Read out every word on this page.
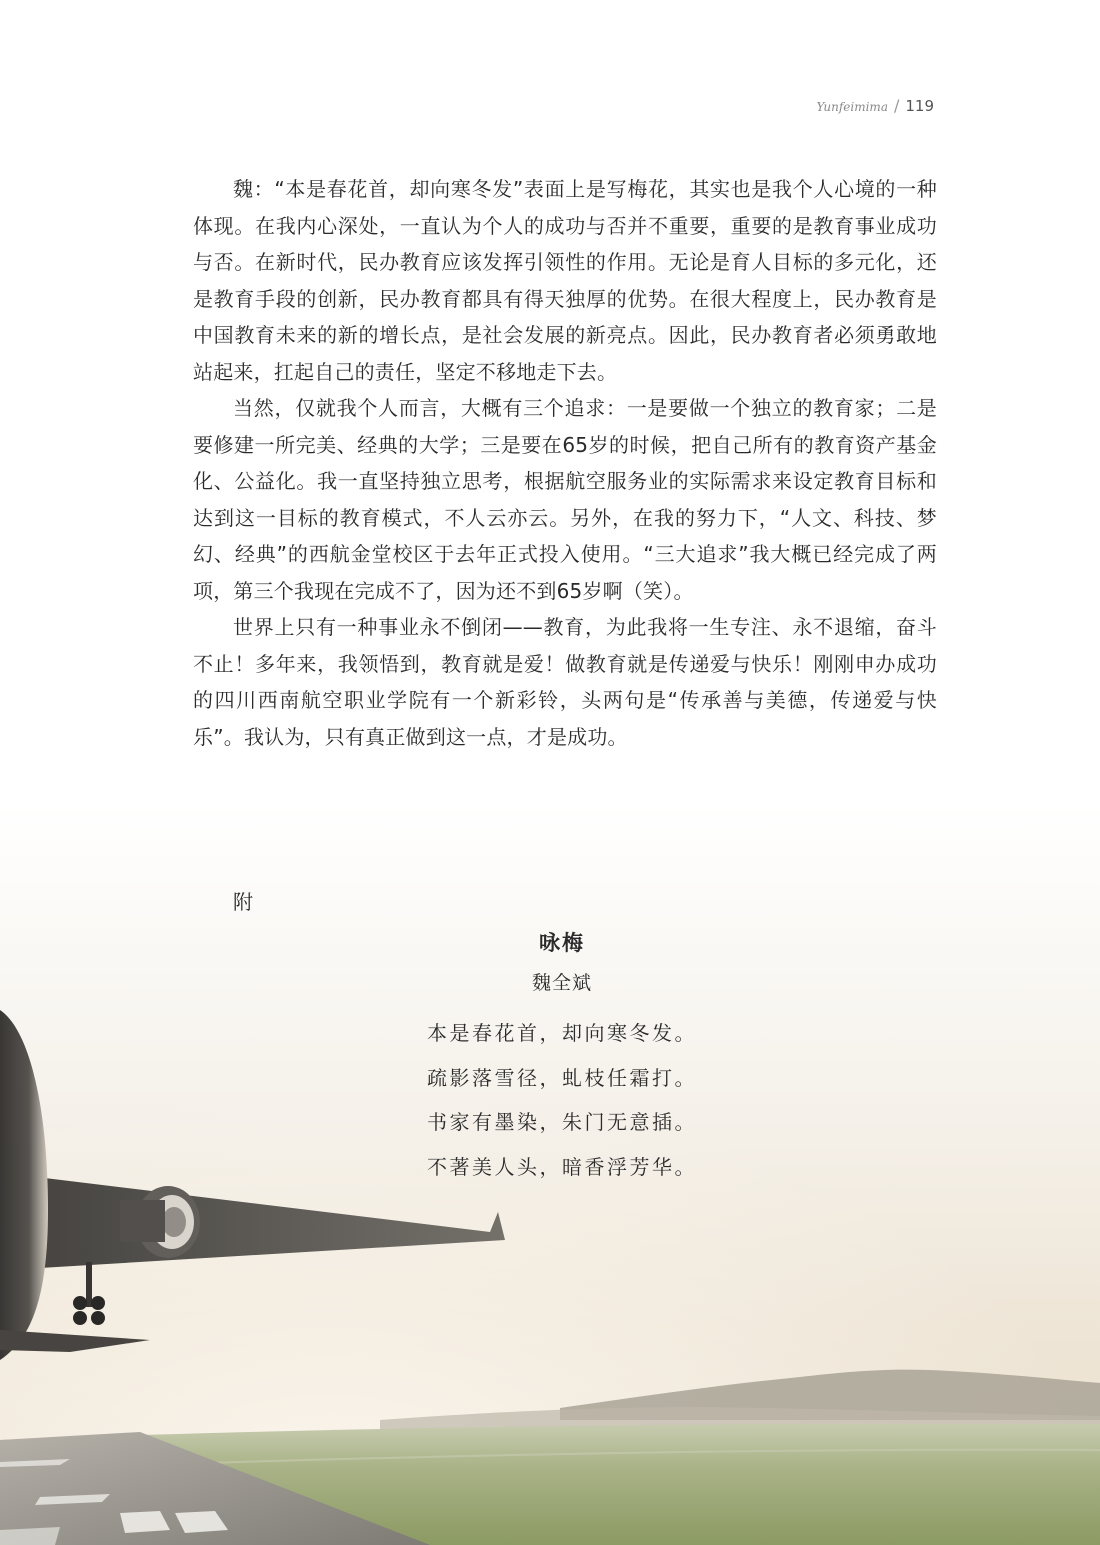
Yunfeimima / 119

魏：“本是春花首，却向寒冬发”表面上是写梅花，其实也是我个人心境的一种体现。在我内心深处，一直认为个人的成功与否并不重要，重要的是教育事业成功与否。在新时代，民办教育应该发挥引领性的作用。无论是育人目标的多元化，还是教育手段的创新，民办教育都具有得天独厚的优势。在很大程度上，民办教育是中国教育未来的新的增长点，是社会发展的新亮点。因此，民办教育者必须勇敢地站起来，扛起自己的责任，坚定不移地走下去。

当然，仅就我个人而言，大概有三个追求：一是要做一个独立的教育家；二是要修建一所完美、经典的大学；三是要在65岁的时候，把自己所有的教育资产基金化、公益化。我一直坚持独立思考，根据航空服务业的实际需求来设定教育目标和达到这一目标的教育模式，不人云亦云。另外，在我的努力下，“人文、科技、梦幻、经典”的西航金堂校区于去年正式投入使用。“三大追求”我大概已经完成了两项，第三个我现在完成不了，因为还不到65岁啊（笑）。

世界上只有一种事业永不倒闭——教育，为此我将一生专注、永不退缩，奋斗不止！多年来，我领悟到，教育就是爱！做教育就是传递爱与快乐！刚刚申办成功的四川西南航空职业学院有一个新彩铃，头两句是“传承善与美德，传递爱与快乐”。我认为，只有真正做到这一点，才是成功。

附
咏梅
魏全斌
本是春花首，却向寒冬发。
疏影落雪径，虬枝任霜打。
书家有墨染，朱门无意插。
不著美人头，暗香浮芳华。
